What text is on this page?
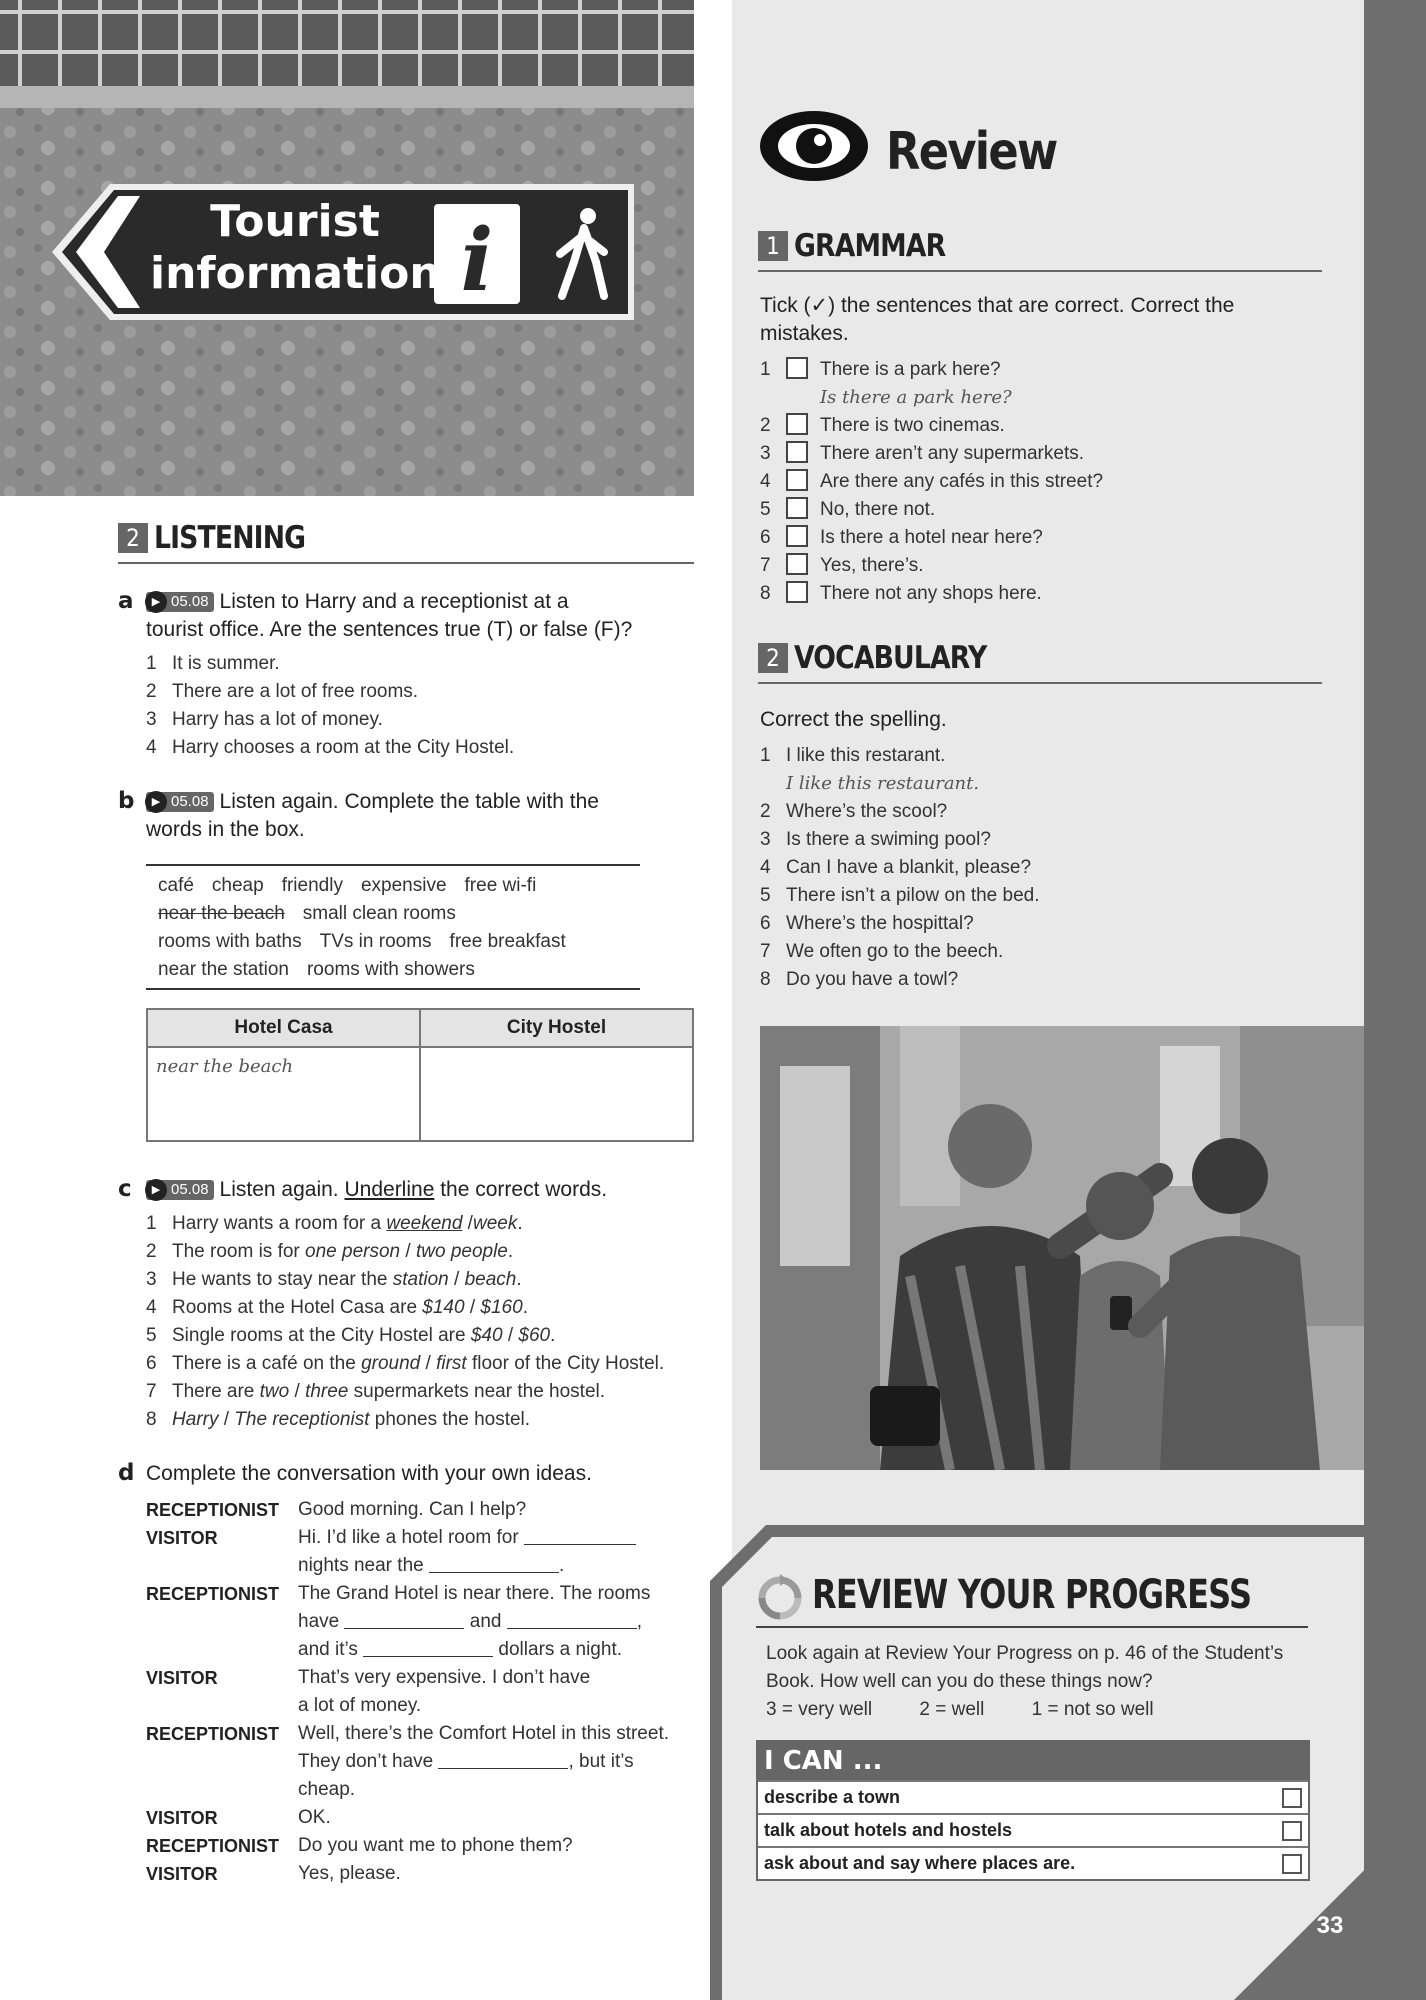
33
i
Tourist
information
2 LISTENING
a	▶ 05.08 Listen to Harry and a receptionist at a
tourist office. Are the sentences true (T) or false (F)?
1 It is summer.
2 There are a lot of free rooms.
3 Harry has a lot of money.
4 Harry chooses a room at the City Hostel.
b	▶ 05.08 Listen again. Complete the table with the
words in the box.
café cheap friendly expensive free wi-fi
near the beach small clean rooms
rooms with baths TVs in rooms free breakfast
near the station rooms with showers
Hotel Casa	City Hostel
near the beach	
c	▶ 05.08 Listen again. Underline the correct words.
1 Harry wants a room for a weekend /week.
2 The room is for one person / two people.
3 He wants to stay near the station / beach.
4 Rooms at the Hotel Casa are $140 / $160.
5 Single rooms at the City Hostel are $40 / $60.
6 There is a café on the ground / first floor of the City Hostel.
7 There are two / three supermarkets near the hostel.
8 Harry / The receptionist phones the hostel.
d Complete the conversation with your own ideas.
RECEPTIONIST Good morning. Can I help?
VISITOR	Hi. I’d like a hotel room for
nights near the	.
RECEPTIONIST The Grand Hotel is near there. The rooms
have	and	,
and it’s	dollars a night.
VISITOR	That’s very expensive. I don’t have
a lot of money.
RECEPTIONIST Well, there’s the Comfort Hotel in this street.
They don’t have	, but it’s
cheap.
VISITOR	OK.
RECEPTIONIST Do you want me to phone them?
VISITOR	Yes, please.
Review
1 GRAMMAR
Tick (✓) the sentences that are correct. Correct the
mistakes.
1	There is a park here?
Is there a park here?
2	There is two cinemas.
3	There aren’t any supermarkets.
4	Are there any cafés in this street?
5	No, there not.
6	Is there a hotel near here?
7	Yes, there’s.
8	There not any shops here.
2 VOCABULARY
Correct the spelling.
1 I like this restarant.
I like this restaurant.
2 Where’s the scool?
3 Is there a swiming pool?
4 Can I have a blankit, please?
5 There isn’t a pilow on the bed.
6 Where’s the hospittal?
7 We often go to the beech.
8 Do you have a towl?
REVIEW YOUR PROGRESS
Look again at Review Your Progress on p. 46 of the Student’s
Book. How well can you do these things now?
3 = very well 2 = well 1 = not so well
I CAN ...
describe a town
talk about hotels and hostels
ask about and say where places are.
